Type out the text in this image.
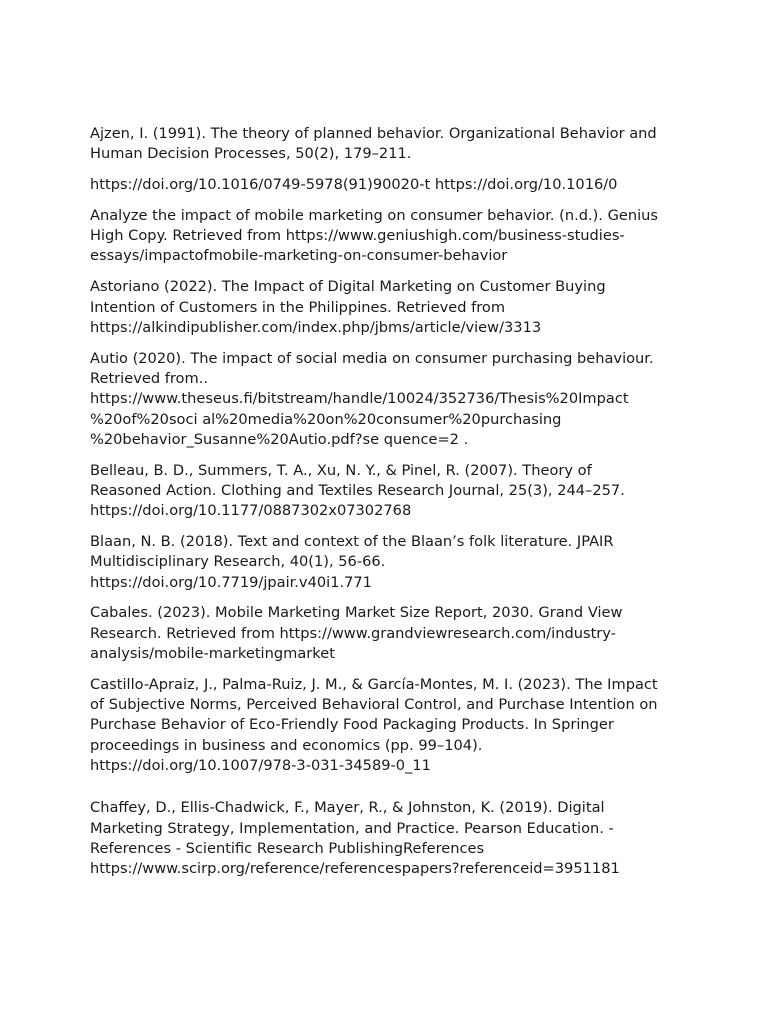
Ajzen, I. (1991). The theory of planned behavior. Organizational Behavior and
Human Decision Processes, 50(2), 179–211.
https://doi.org/10.1016/0749-5978(91)90020-t https://doi.org/10.1016/0
Analyze the impact of mobile marketing on consumer behavior. (n.d.). Genius
High Copy. Retrieved from https://www.geniushigh.com/business-studies-
essays/impactofmobile-marketing-on-consumer-behavior
Astoriano (2022). The Impact of Digital Marketing on Customer Buying
Intention of Customers in the Philippines. Retrieved from
https://alkindipublisher.com/index.php/jbms/article/view/3313
Autio (2020). The impact of social media on consumer purchasing behaviour.
Retrieved from..
https://www.theseus.fi/bitstream/handle/10024/352736/Thesis%20Impact
%20of%20soci al%20media%20on%20consumer%20purchasing
%20behavior_Susanne%20Autio.pdf?se quence=2 .
Belleau, B. D., Summers, T. A., Xu, N. Y., & Pinel, R. (2007). Theory of
Reasoned Action. Clothing and Textiles Research Journal, 25(3), 244–257.
https://doi.org/10.1177/0887302x07302768
Blaan, N. B. (2018). Text and context of the Blaan’s folk literature. JPAIR
Multidisciplinary Research, 40(1), 56-66.
https://doi.org/10.7719/jpair.v40i1.771
Cabales. (2023). Mobile Marketing Market Size Report, 2030. Grand View
Research. Retrieved from https://www.grandviewresearch.com/industry-
analysis/mobile-marketingmarket
Castillo-Apraiz, J., Palma-Ruiz, J. M., & García-Montes, M. I. (2023). The Impact
of Subjective Norms, Perceived Behavioral Control, and Purchase Intention on
Purchase Behavior of Eco-Friendly Food Packaging Products. In Springer
proceedings in business and economics (pp. 99–104).
https://doi.org/10.1007/978-3-031-34589-0_11
Chaffey, D., Ellis-Chadwick, F., Mayer, R., & Johnston, K. (2019). Digital
Marketing Strategy, Implementation, and Practice. Pearson Education. -
References - Scientific Research PublishingReferences
https://www.scirp.org/reference/referencespapers?referenceid=3951181
